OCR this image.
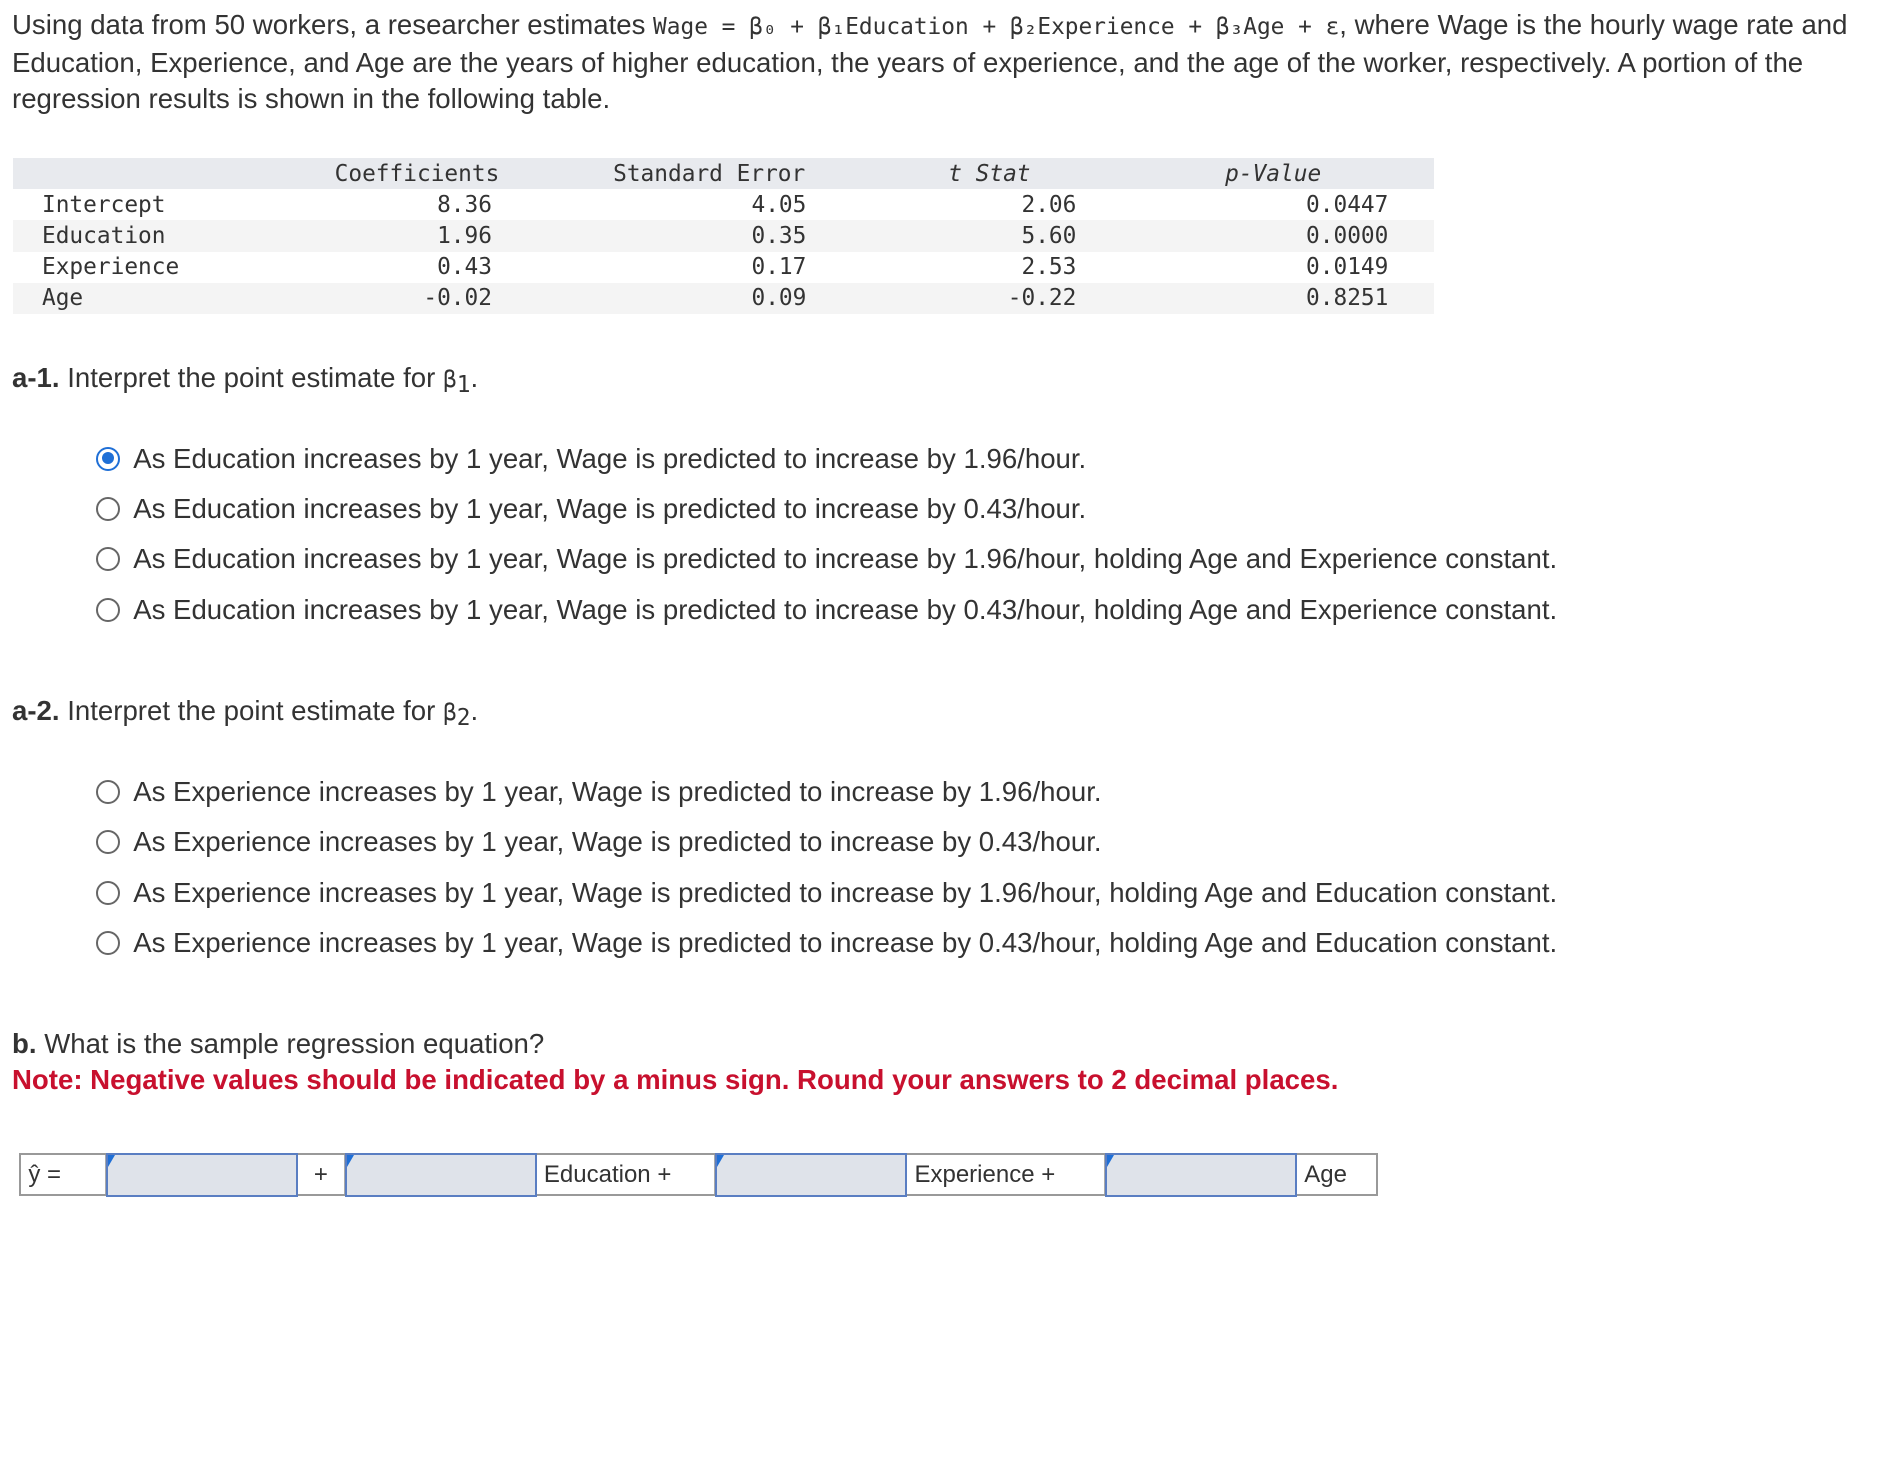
Using data from 50 workers, a researcher estimates Wage = β₀ + β₁Education + β₂Experience + β₃Age + ε, where Wage is the hourly wage rate and Education, Experience, and Age are the years of higher education, the years of experience, and the age of the worker, respectively. A portion of the regression results is shown in the following table.
	Coefficients	Standard Error	t Stat	p-Value
Intercept	8.36	4.05	2.06	0.0447
Education	1.96	0.35	5.60	0.0000
Experience	0.43	0.17	2.53	0.0149
Age	-0.02	0.09	-0.22	0.8251
a-1. Interpret the point estimate for $\beta_1$.
As Education increases by 1 year, Wage is predicted to increase by 1.96/hour.
As Education increases by 1 year, Wage is predicted to increase by 0.43/hour.
As Education increases by 1 year, Wage is predicted to increase by 1.96/hour, holding Age and Experience constant.
As Education increases by 1 year, Wage is predicted to increase by 0.43/hour, holding Age and Experience constant.
a-2. Interpret the point estimate for $\beta_2$.
As Experience increases by 1 year, Wage is predicted to increase by 1.96/hour.
As Experience increases by 1 year, Wage is predicted to increase by 0.43/hour.
As Experience increases by 1 year, Wage is predicted to increase by 1.96/hour, holding Age and Education constant.
As Experience increases by 1 year, Wage is predicted to increase by 0.43/hour, holding Age and Education constant.
b. What is the sample regression equation?
Note: Negative values should be indicated by a minus sign. Round your answers to 2 decimal places.
ŷ =	+	Education +	Experience +	Age
